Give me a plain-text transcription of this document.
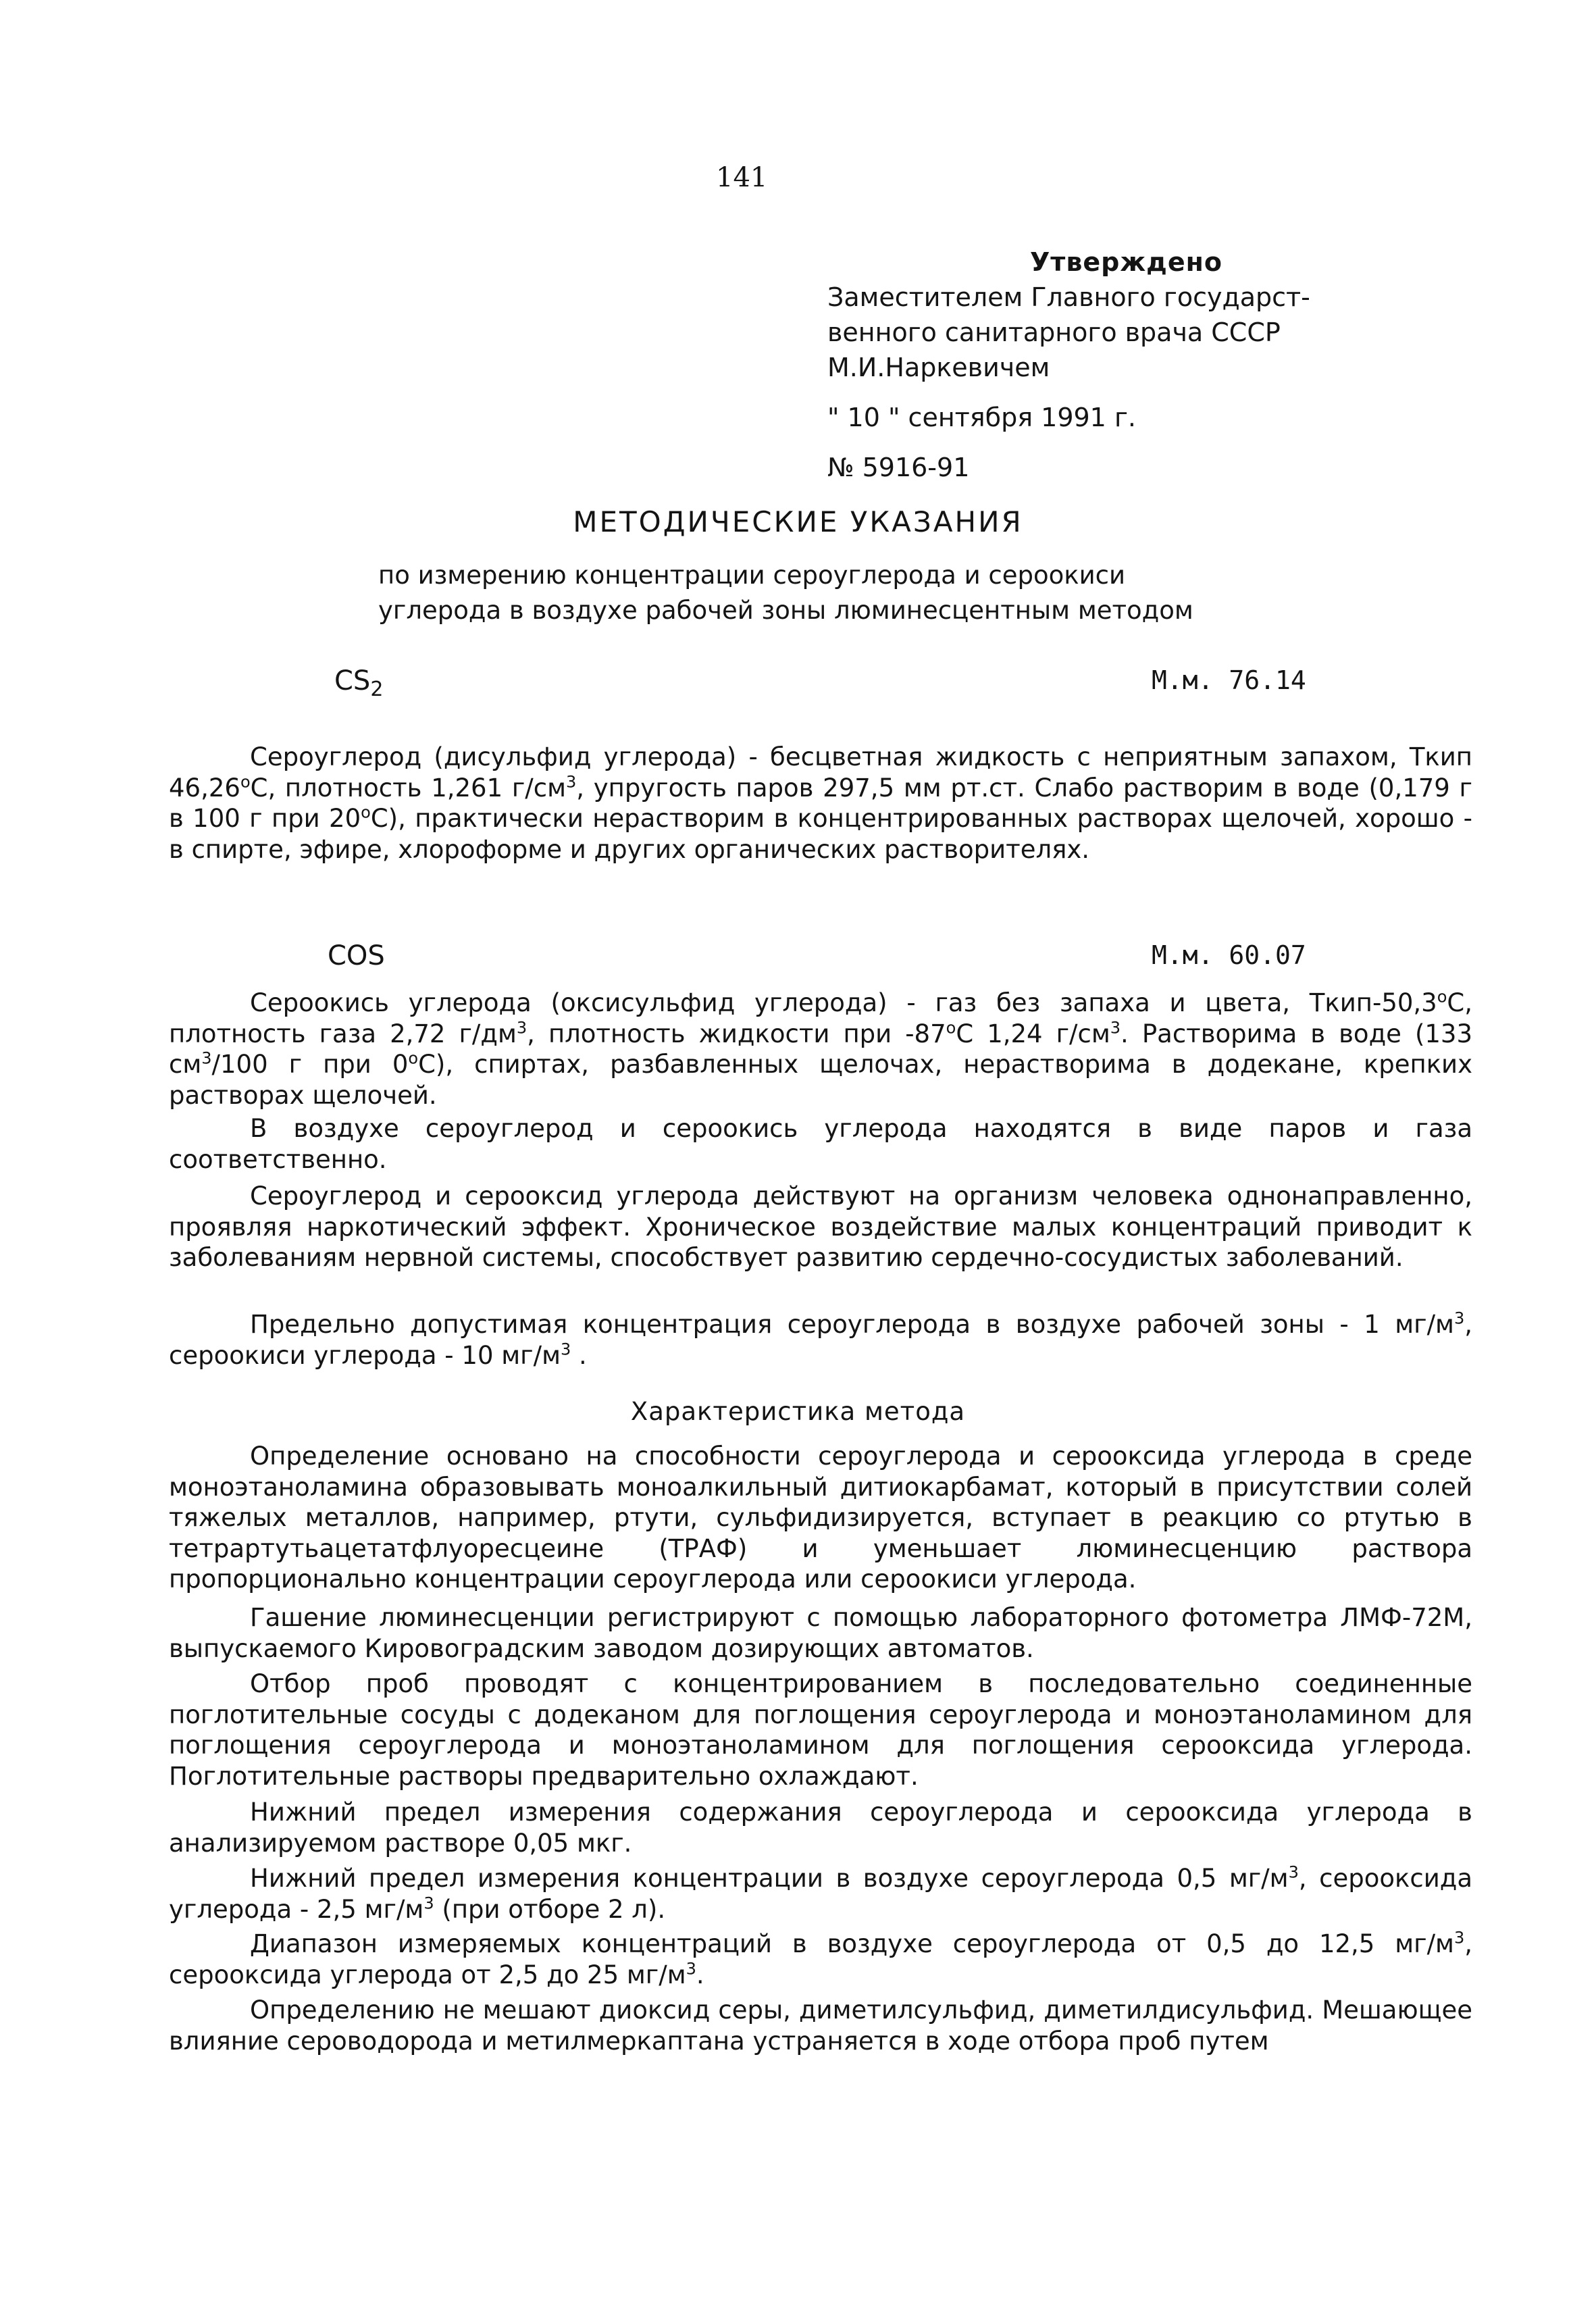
141
Утверждено
Заместителем Главного государст-
венного санитарного врача СССР
М.И.Наркевичем
" 10 " сентября 1991 г.
№ 5916-91
МЕТОДИЧЕСКИЕ УКАЗАНИЯ
по измерению концентрации сероуглерода и сероокиси
углерода в воздухе рабочей зоны люминесцентным методом
$CS_2$	М.м. 76.14
Сероуглерод (дисульфид углерода) - бесцветная жидкость с неприятным запахом, Ткип 46,26$^o$С, плотность 1,261 $г/см^3$, упругость паров 297,5 мм рт.ст. Слабо растворим в воде (0,179 г в 100 г при 20$^o$С), практически нерастворим в концентрированных растворах щелочей, хорошо - в спирте, эфире, хлороформе и других органических растворителях.
COS	М.м. 60.07
Сероокись углерода (оксисульфид углерода) - газ без запаха и цвета, Ткип-50,3$^o$С, плотность газа 2,72 $г/дм^3$, плотность жидкости при -87$^o$С 1,24 $г/см^3$. Растворима в воде (133 $см^3/100$ г при 0$^o$С), спиртах, разбавленных щелочах, нерастворима в додекане, крепких растворах щелочей.
В воздухе сероуглерод и сероокись углерода находятся в виде паров и газа соответственно.
Сероуглерод и серооксид углерода действуют на организм человека однонаправленно, проявляя наркотический эффект. Хроническое воздействие малых концентраций приводит к заболеваниям нервной системы, способствует развитию сердечно-сосудистых заболеваний.
Предельно допустимая концентрация сероуглерода в воздухе рабочей зоны - 1 $мг/м^3$, сероокиси углерода - 10 $мг/м^3$ .
Характеристика метода
Определение основано на способности сероуглерода и серооксида углерода в среде моноэтаноламина образовывать моноалкильный дитиокарбамат, который в присутствии солей тяжелых металлов, например, ртути, сульфидизируется, вступает в реакцию со ртутью в тетрартутьацетатфлуоресцеине (ТРАФ) и уменьшает люминесценцию раствора пропорционально концентрации сероуглерода или сероокиси углерода.
Гашение люминесценции регистрируют с помощью лабораторного фотометра ЛМФ-72М, выпускаемого Кировоградским заводом дозирующих автоматов.
Отбор проб проводят с концентрированием в последовательно соединенные поглотительные сосуды с додеканом для поглощения сероуглерода и моноэтаноламином для поглощения сероуглерода и моноэтаноламином для поглощения серооксида углерода. Поглотительные растворы предварительно охлаждают.
Нижний предел измерения содержания сероуглерода и серооксида углерода в анализируемом растворе 0,05 мкг.
Нижний предел измерения концентрации в воздухе сероуглерода 0,5 $мг/м^3$, серооксида углерода - 2,5 $мг/м^3$ (при отборе 2 л).
Диапазон измеряемых концентраций в воздухе сероуглерода от 0,5 до 12,5 $мг/м^3$, серооксида углерода от 2,5 до 25 $мг/м^3$.
Определению не мешают диоксид серы, диметилсульфид, диметилдисульфид. Мешающее влияние сероводорода и метилмеркаптана устраняется в ходе отбора проб путем
